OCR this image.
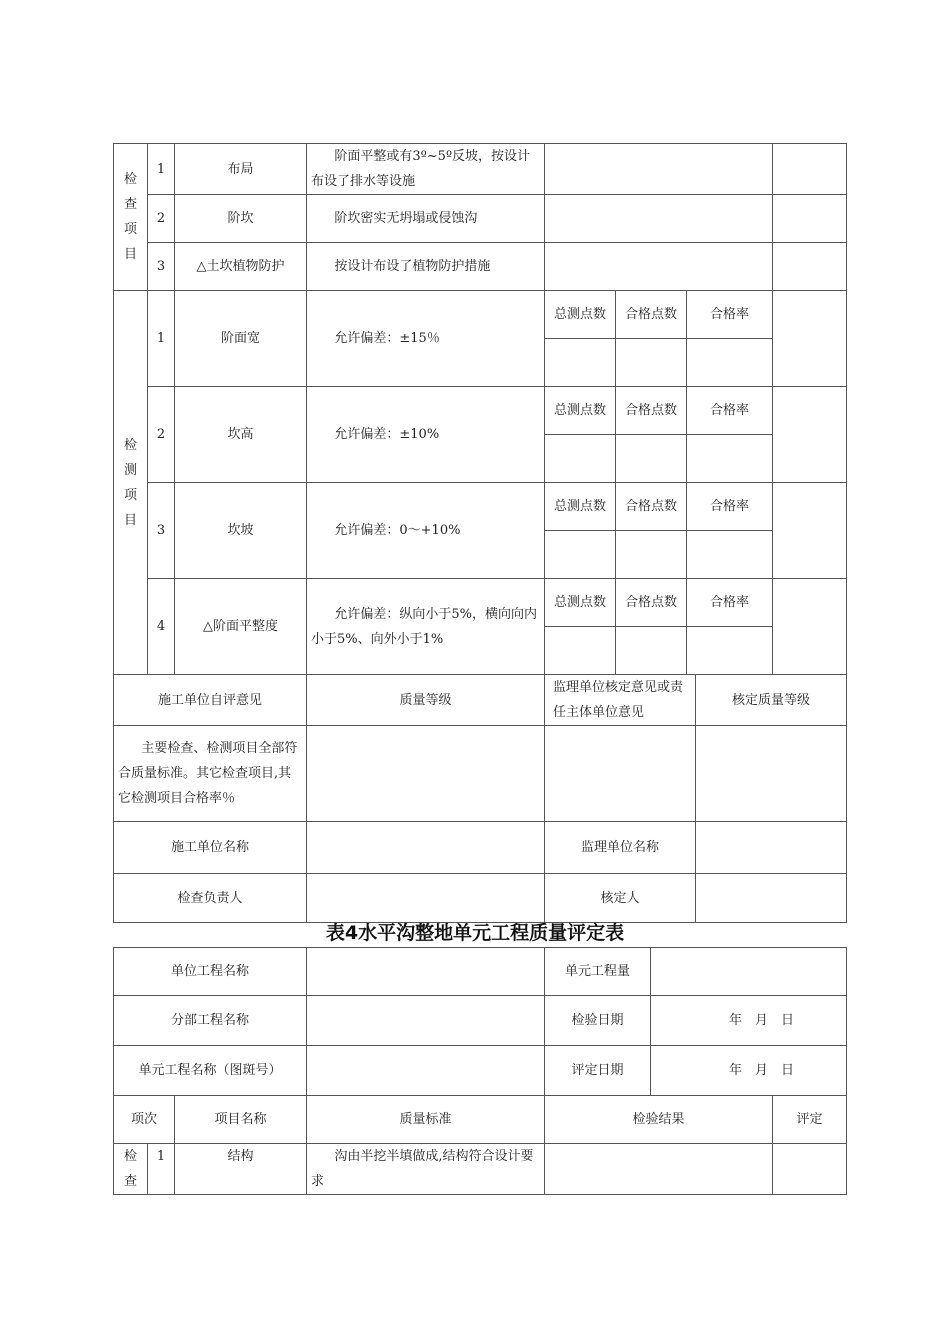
检查项目	1	布局	阶面平整或有3º~5º反坡，按设计布设了排水等设施					
	2	阶坎	阶坎密实无坍塌或侵蚀沟					
	3	△土坎植物防护	按设计布设了植物防护措施					

检测项目	1	阶面宽	允许偏差：±15％	总测点数	合格点数	合格率		

	2	坎高	允许偏差：±10%	总测点数	合格点数	合格率		

	3	坎坡	允许偏差：0～+10%	总测点数	合格点数	合格率		

	4	△阶面平整度	允许偏差：纵向小于5%，横向向内小于5%、向外小于1%	总测点数	合格点数	合格率		

施工单位自评意见			质量等级	监理单位核定意见或责任主体单位意见			核定质量等级	
主要检查、检测项目全部符合质量标准。其它检查项目,其它检测项目合格率％								
施工单位名称				监理单位名称				
检查负责人				核定人				
表4水平沟整地单元工程质量评定表
单位工程名称				单元工程量		
分部工程名称				检验日期	年　月　日	
单元工程名称（图斑号）				评定日期	年　月　日	
项次		项目名称	质量标准	检验结果		评定

检查	1	结构	沟由半挖半填做成,结构符合设计要求			
